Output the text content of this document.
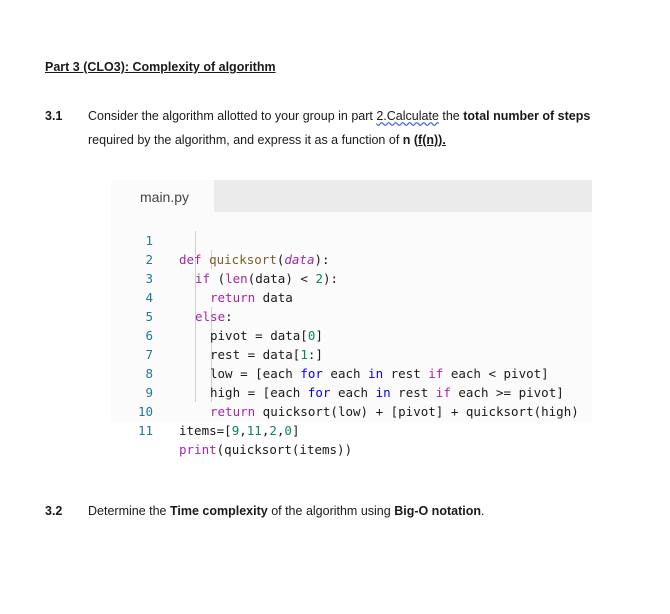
Part 3 (CLO3): Complexity of algorithm
3.1 Consider the algorithm allotted to your group in part 2.Calculate the total number of steps
required by the algorithm, and express it as a function of n (f(n)).
main.py

1

def quicksort(data):

2

if (len(data) < 2):

3

return data

4

else:

5

pivot = data[0]

6

rest = data[1:]

7

low = [each for each in rest if each < pivot]

8

high = [each for each in rest if each >= pivot]

9

return quicksort(low) + [pivot] + quicksort(high)

10

items=[9,11,2,0]

11

print(quicksort(items))

3.2 Determine the Time complexity of the algorithm using Big-O notation.
